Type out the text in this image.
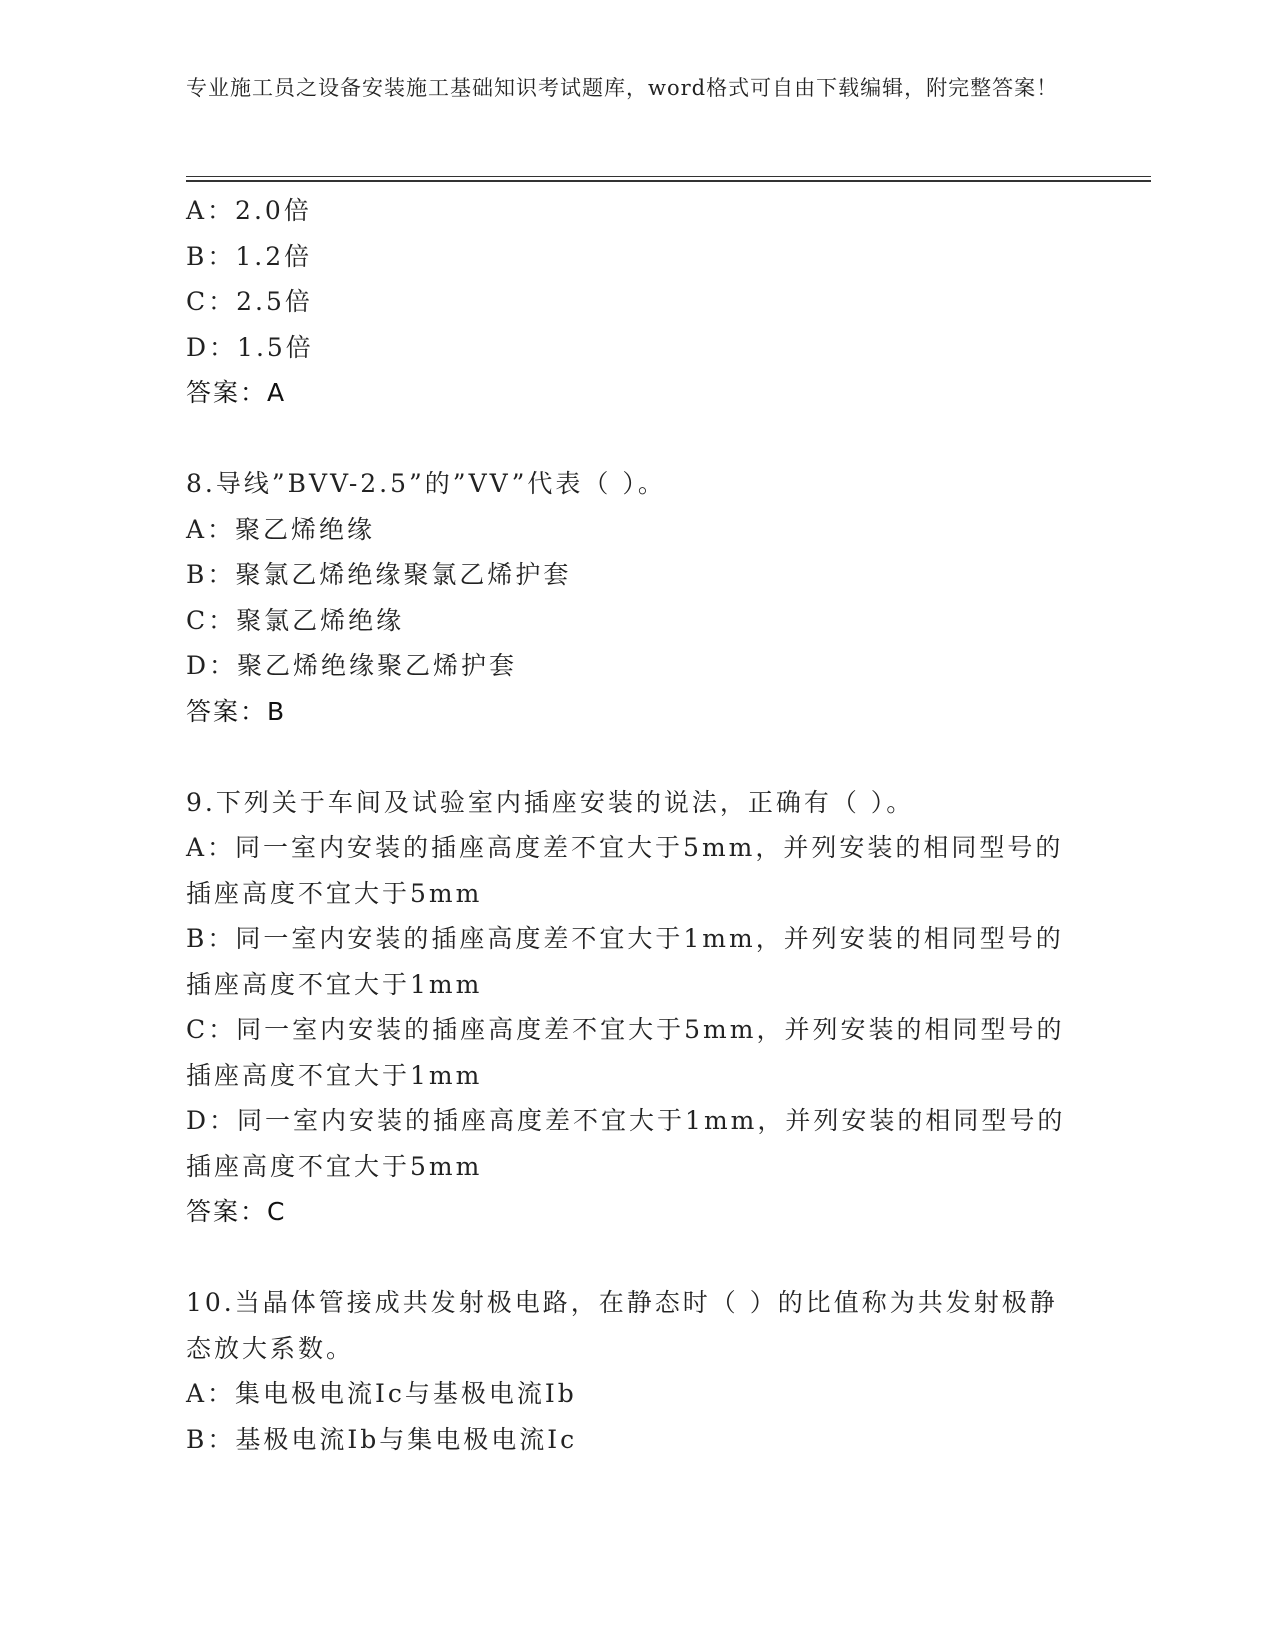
专业施工员之设备安装施工基础知识考试题库，word格式可自由下载编辑，附完整答案！
A：2.0倍
B：1.2倍
C：2.5倍
D：1.5倍
答案：A
8.导线”BVV-2.5”的”VV”代表（ ）。
A：聚乙烯绝缘
B：聚氯乙烯绝缘聚氯乙烯护套
C：聚氯乙烯绝缘
D：聚乙烯绝缘聚乙烯护套
答案：B
9.下列关于车间及试验室内插座安装的说法，正确有（ ）。
A：同一室内安装的插座高度差不宜大于5mm，并列安装的相同型号的插座高度不宜大于5mm
B：同一室内安装的插座高度差不宜大于1mm，并列安装的相同型号的插座高度不宜大于1mm
C：同一室内安装的插座高度差不宜大于5mm，并列安装的相同型号的插座高度不宜大于1mm
D：同一室内安装的插座高度差不宜大于1mm，并列安装的相同型号的插座高度不宜大于5mm
答案：C
10.当晶体管接成共发射极电路，在静态时（ ）的比值称为共发射极静态放大系数。
A：集电极电流Ic与基极电流Ib
B：基极电流Ib与集电极电流Ic
